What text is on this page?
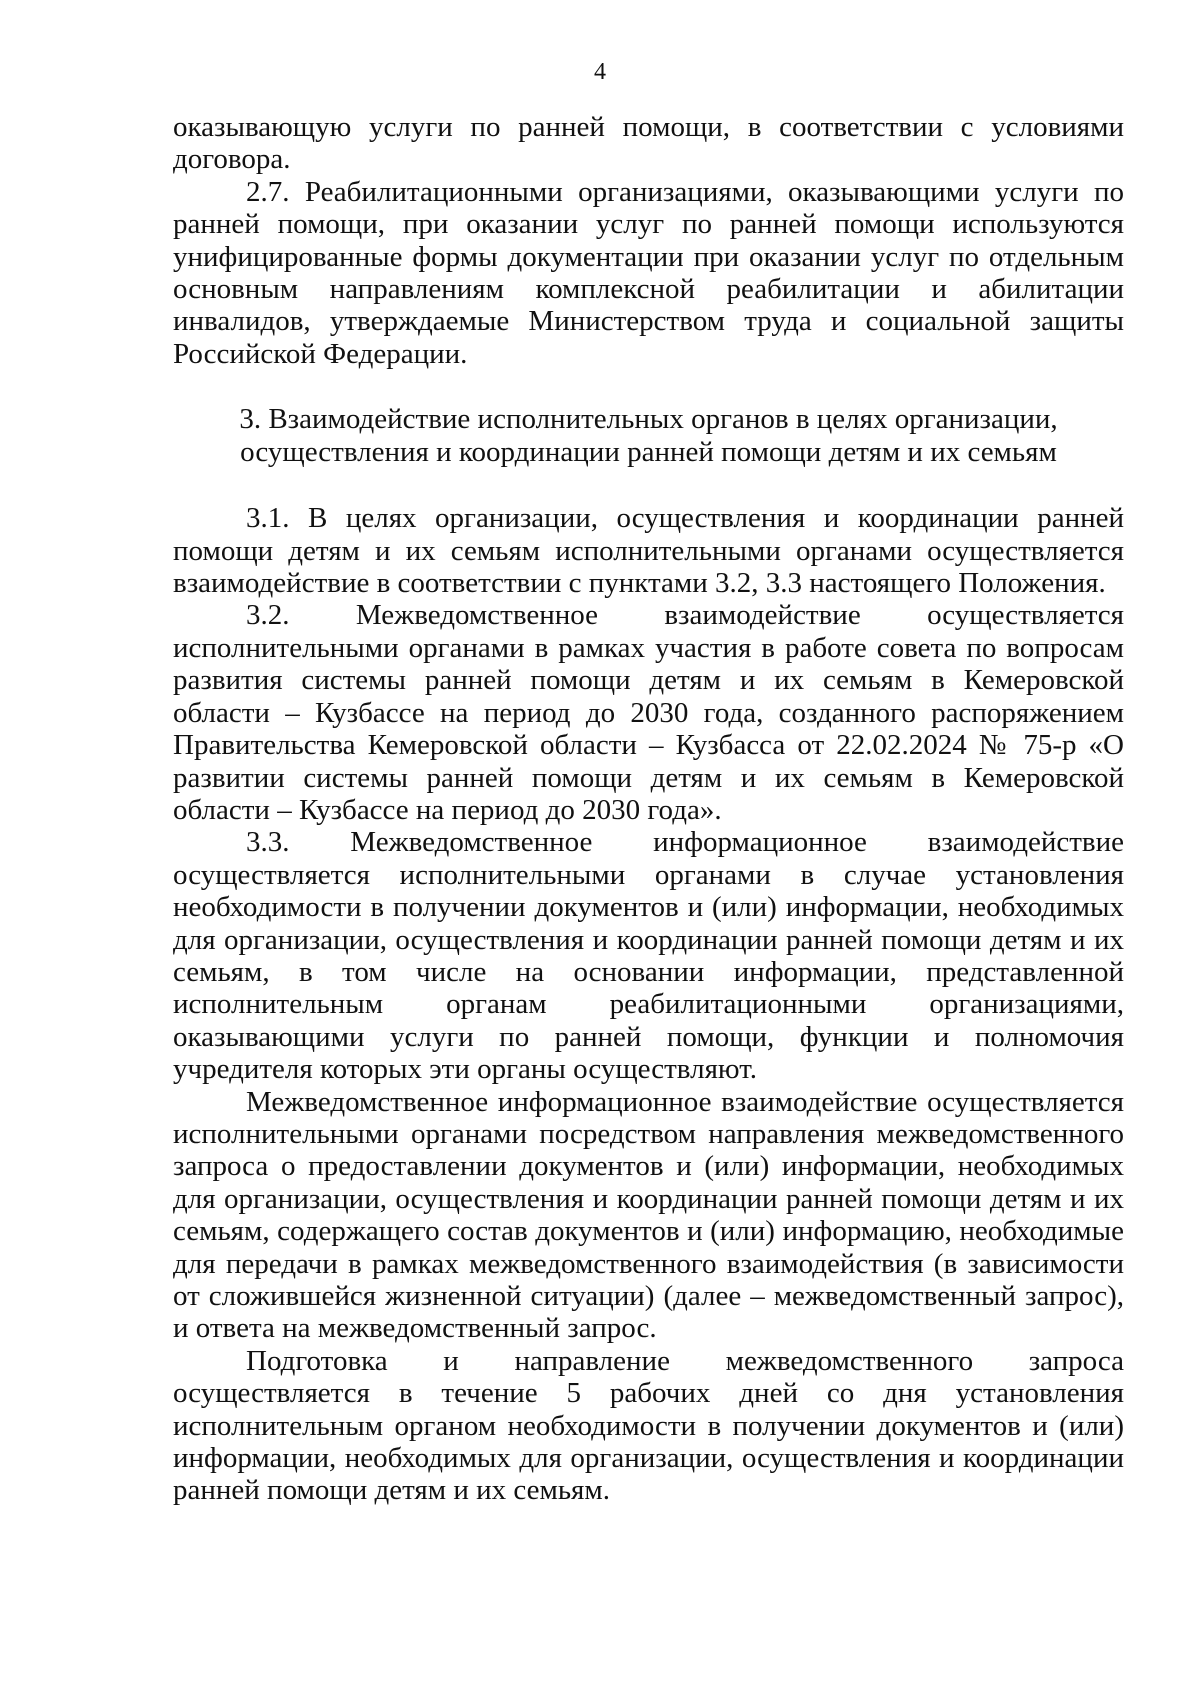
4

оказывающую услуги по ранней помощи, в соответствии с условиями договора.

2.7. Реабилитационными организациями, оказывающими услуги по ранней помощи, при оказании услуг по ранней помощи используются унифицированные формы документации при оказании услуг по отдельным основным направлениям комплексной реабилитации и абилитации инвалидов, утверждаемые Министерством труда и социальной защиты Российской Федерации.

3. Взаимодействие исполнительных органов в целях организации,
осуществления и координации ранней помощи детям и их семьям

3.1. В целях организации, осуществления и координации ранней помощи детям и их семьям исполнительными органами осуществляется взаимодействие в соответствии с пунктами 3.2, 3.3 настоящего Положения.

3.2. Межведомственное взаимодействие осуществляется исполнительными органами в рамках участия в работе совета по вопросам развития системы ранней помощи детям и их семьям в Кемеровской области – Кузбассе на период до 2030 года, созданного распоряжением Правительства Кемеровской области – Кузбасса от 22.02.2024 № 75-р «О развитии системы ранней помощи детям и их семьям в Кемеровской области – Кузбассе на период до 2030 года».

3.3. Межведомственное информационное взаимодействие осуществляется исполнительными органами в случае установления необходимости в получении документов и (или) информации, необходимых для организации, осуществления и координации ранней помощи детям и их семьям, в том числе на основании информации, представленной исполнительным органам реабилитационными организациями, оказывающими услуги по ранней помощи, функции и полномочия учредителя которых эти органы осуществляют.

Межведомственное информационное взаимодействие осуществляется исполнительными органами посредством направления межведомственного запроса о предоставлении документов и (или) информации, необходимых для организации, осуществления и координации ранней помощи детям и их семьям, содержащего состав документов и (или) информацию, необходимые для передачи в рамках межведомственного взаимодействия (в зависимости от сложившейся жизненной ситуации) (далее – межведомственный запрос), и ответа на межведомственный запрос.

Подготовка и направление межведомственного запроса осуществляется в течение 5 рабочих дней со дня установления исполнительным органом необходимости в получении документов и (или) информации, необходимых для организации, осуществления и координации ранней помощи детям и их семьям.
